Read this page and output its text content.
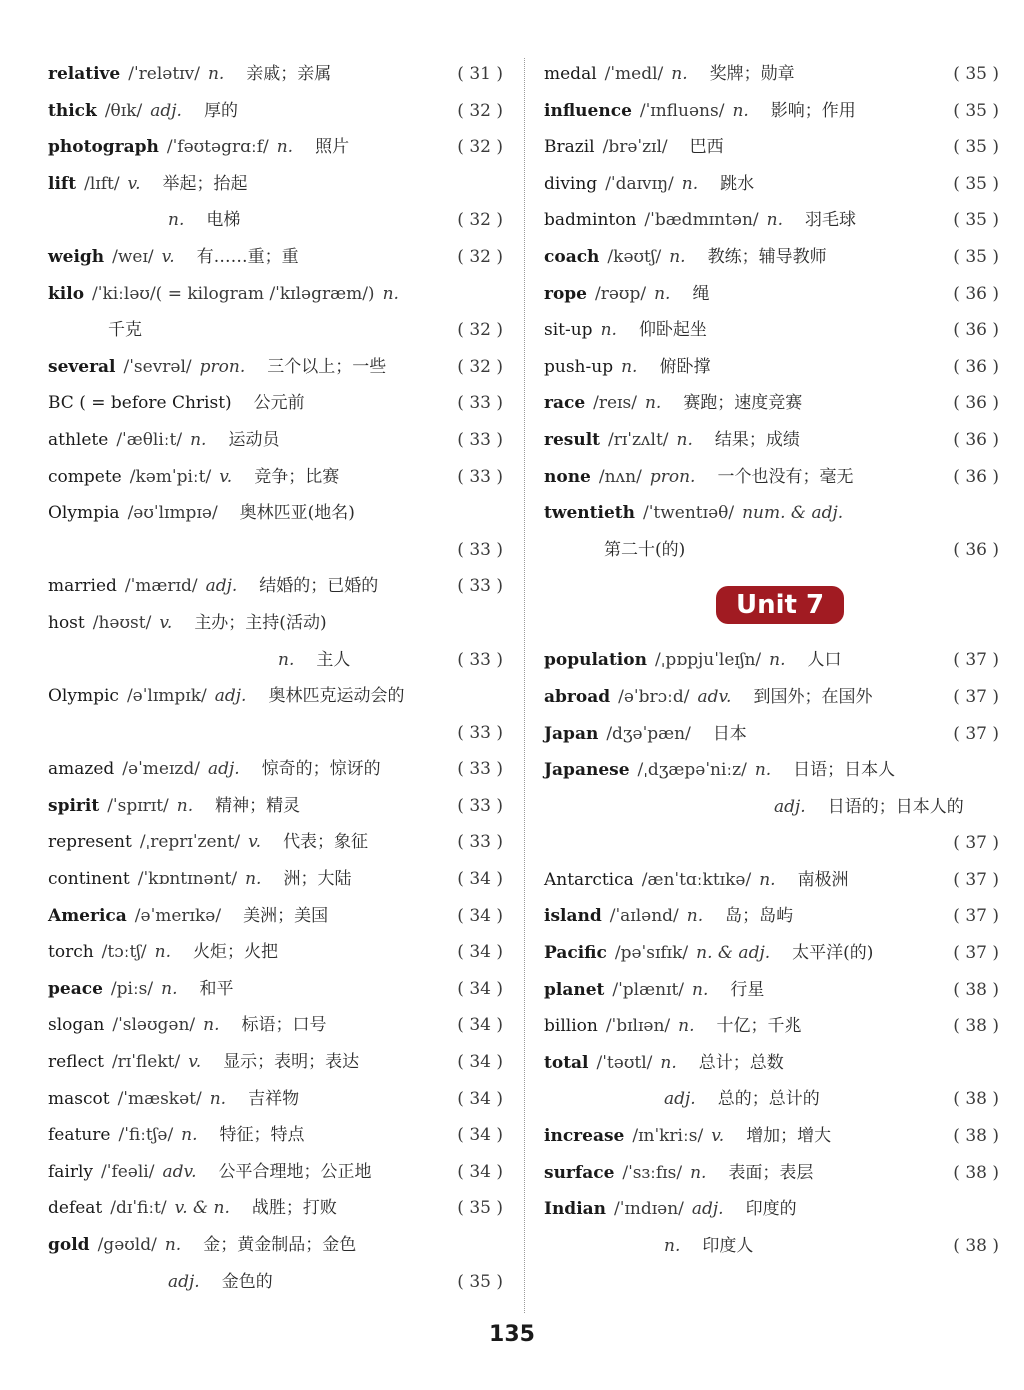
relative /ˈrelətɪv/ n. 亲戚；亲属	( 31 )
thick /θɪk/ adj. 厚的	( 32 )
photograph /ˈfəʊtəgrɑːf/ n. 照片	( 32 )
lift /lɪft/ v. 举起；抬起
n. 电梯	( 32 )
weigh /weɪ/ v. 有……重；重	( 32 )
kilo /ˈkiːləʊ/( = kilogram /ˈkɪləgræm/) n.
千克	( 32 )
several /ˈsevrəl/ pron. 三个以上；一些	( 32 )
BC ( = before Christ) 公元前	( 33 )
athlete /ˈæθliːt/ n. 运动员	( 33 )
compete /kəmˈpiːt/ v. 竞争；比赛	( 33 )
Olympia /əʊˈlɪmpɪə/ 奥林匹亚(地名)
( 33 )
married /ˈmærɪd/ adj. 结婚的；已婚的	( 33 )
host /həʊst/ v. 主办；主持(活动)
n. 主人	( 33 )
Olympic /əˈlɪmpɪk/ adj. 奥林匹克运动会的
( 33 )
amazed /əˈmeɪzd/ adj. 惊奇的；惊讶的	( 33 )
spirit /ˈspɪrɪt/ n. 精神；精灵	( 33 )
represent /ˌreprɪˈzent/ v. 代表；象征	( 33 )
continent /ˈkɒntɪnənt/ n. 洲；大陆	( 34 )
America /əˈmerɪkə/ 美洲；美国	( 34 )
torch /tɔːtʃ/ n. 火炬；火把	( 34 )
peace /piːs/ n. 和平	( 34 )
slogan /ˈsləʊgən/ n. 标语；口号	( 34 )
reflect /rɪˈflekt/ v. 显示；表明；表达	( 34 )
mascot /ˈmæskət/ n. 吉祥物	( 34 )
feature /ˈfiːtʃə/ n. 特征；特点	( 34 )
fairly /ˈfeəli/ adv. 公平合理地；公正地	( 34 )
defeat /dɪˈfiːt/ v. & n. 战胜；打败	( 35 )
gold /gəʊld/ n. 金；黄金制品；金色
adj. 金色的	( 35 )
medal /ˈmedl/ n. 奖牌；勋章	( 35 )
influence /ˈɪnfluəns/ n. 影响；作用	( 35 )
Brazil /brəˈzɪl/ 巴西	( 35 )
diving /ˈdaɪvɪŋ/ n. 跳水	( 35 )
badminton /ˈbædmɪntən/ n. 羽毛球	( 35 )
coach /kəʊtʃ/ n. 教练；辅导教师	( 35 )
rope /rəʊp/ n. 绳	( 36 )
sit-up n. 仰卧起坐	( 36 )
push-up n. 俯卧撑	( 36 )
race /reɪs/ n. 赛跑；速度竞赛	( 36 )
result /rɪˈzʌlt/ n. 结果；成绩	( 36 )
none /nʌn/ pron. 一个也没有；毫无	( 36 )
twentieth /ˈtwentɪəθ/ num. & adj.
第二十(的)	( 36 )
Unit 7
population /ˌpɒpjuˈleɪʃn/ n. 人口	( 37 )
abroad /əˈbrɔːd/ adv. 到国外；在国外	( 37 )
Japan /dʒəˈpæn/ 日本	( 37 )
Japanese /ˌdʒæpəˈniːz/ n. 日语；日本人
adj. 日语的；日本人的
( 37 )
Antarctica /ænˈtɑːktɪkə/ n. 南极洲	( 37 )
island /ˈaɪlənd/ n. 岛；岛屿	( 37 )
Pacific /pəˈsɪfɪk/ n. & adj. 太平洋(的)	( 37 )
planet /ˈplænɪt/ n. 行星	( 38 )
billion /ˈbɪlɪən/ n. 十亿；千兆	( 38 )
total /ˈtəʊtl/ n. 总计；总数
adj. 总的；总计的	( 38 )
increase /ɪnˈkriːs/ v. 增加；增大	( 38 )
surface /ˈsɜːfɪs/ n. 表面；表层	( 38 )
Indian /ˈɪndɪən/ adj. 印度的
n. 印度人	( 38 )
135
